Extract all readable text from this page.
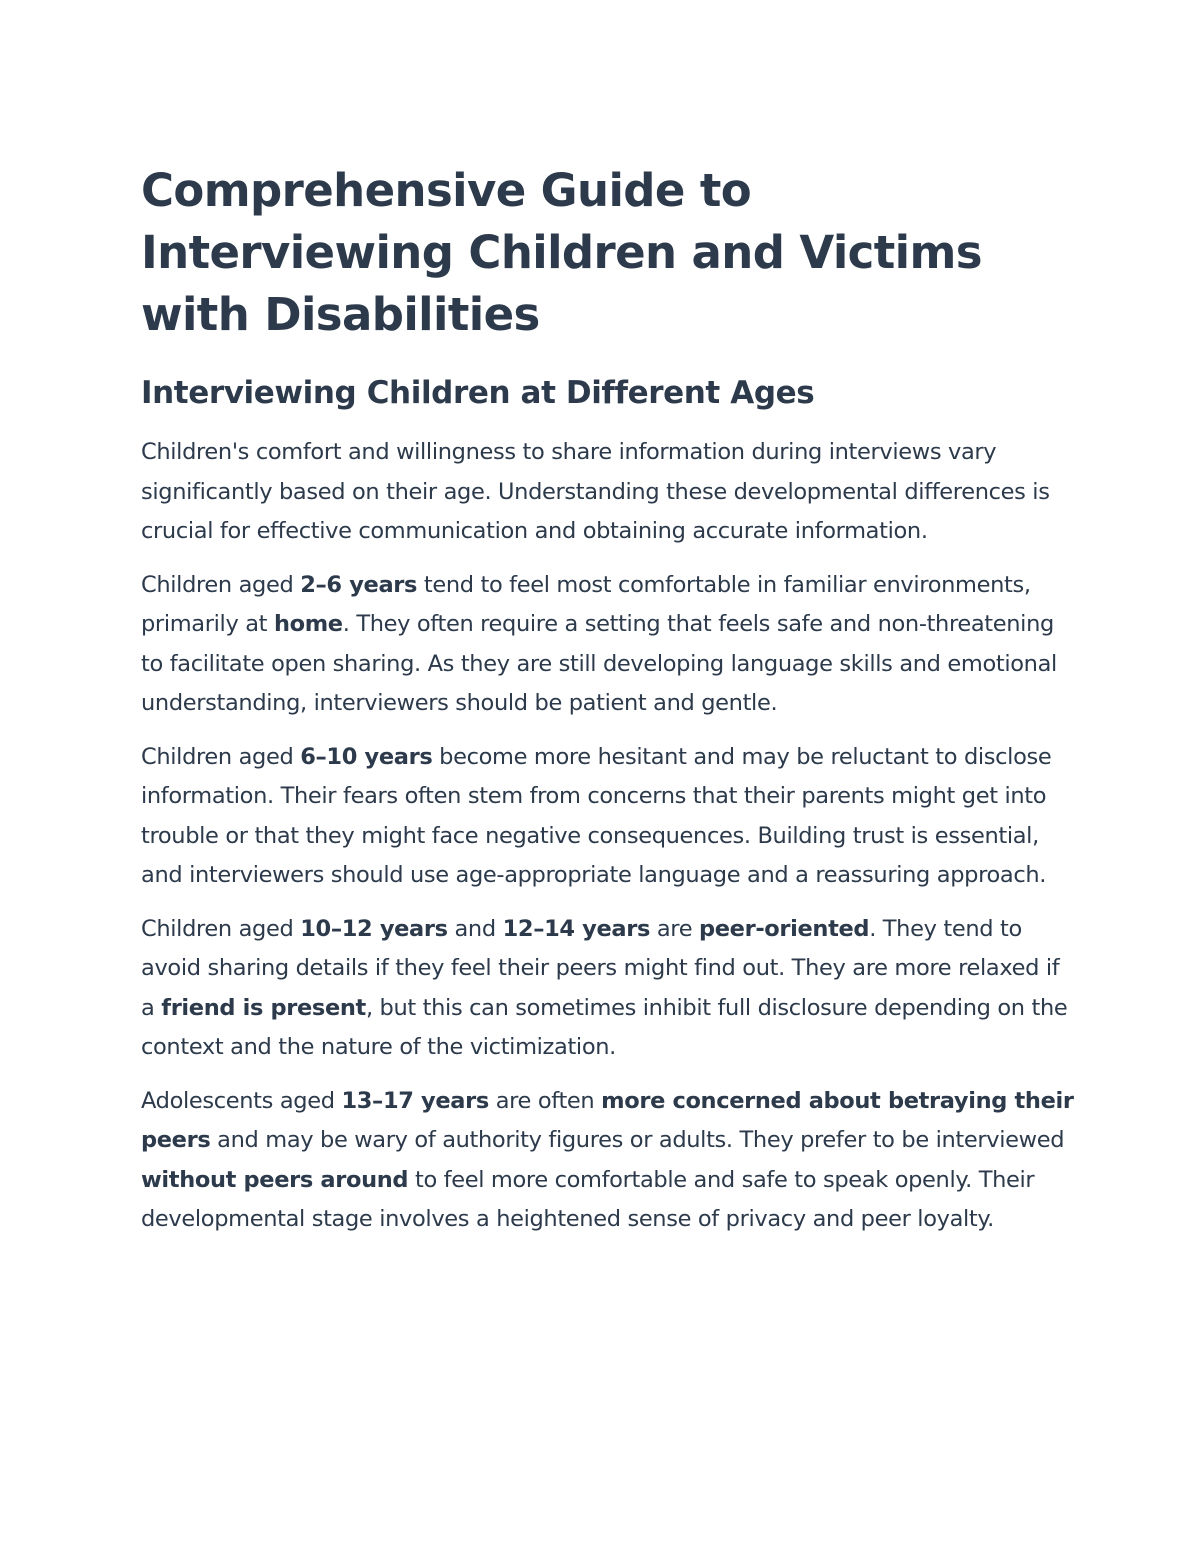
Comprehensive Guide to Interviewing Children and Victims with Disabilities
Interviewing Children at Different Ages

Children's comfort and willingness to share information during interviews vary significantly based on their age. Understanding these developmental differences is crucial for effective communication and obtaining accurate information.

Children aged 2–6 years tend to feel most comfortable in familiar environments, primarily at home. They often require a setting that feels safe and non-threatening to facilitate open sharing. As they are still developing language skills and emotional understanding, interviewers should be patient and gentle.

Children aged 6–10 years become more hesitant and may be reluctant to disclose information. Their fears often stem from concerns that their parents might get into trouble or that they might face negative consequences. Building trust is essential, and interviewers should use age-appropriate language and a reassuring approach.

Children aged 10–12 years and 12–14 years are peer-oriented. They tend to avoid sharing details if they feel their peers might find out. They are more relaxed if a friend is present, but this can sometimes inhibit full disclosure depending on the context and the nature of the victimization.

Adolescents aged 13–17 years are often more concerned about betraying their peers and may be wary of authority figures or adults. They prefer to be interviewed without peers around to feel more comfortable and safe to speak openly. Their developmental stage involves a heightened sense of privacy and peer loyalty.
